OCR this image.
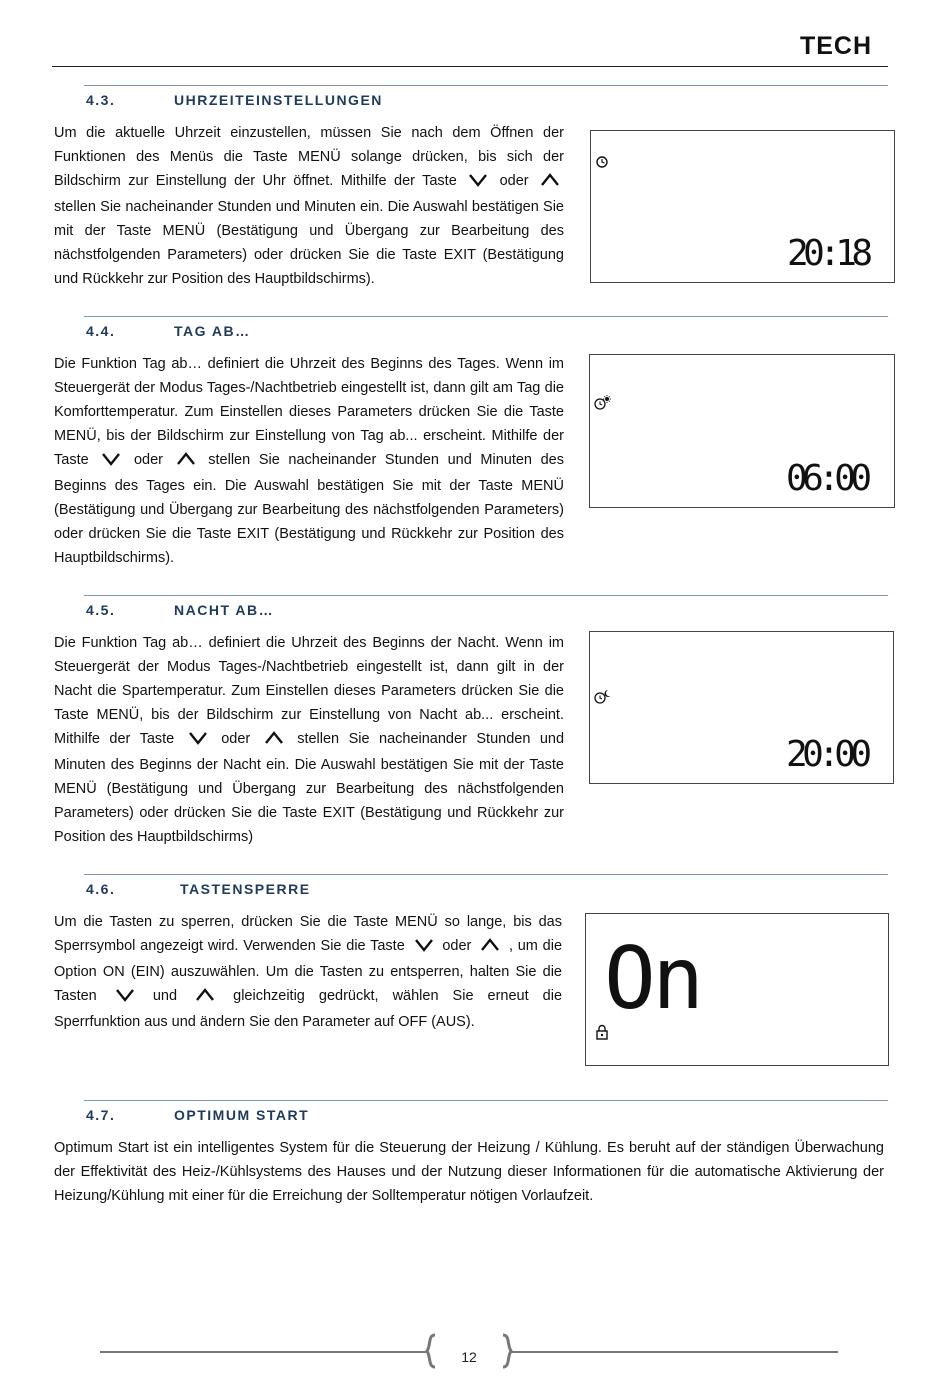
TECH
4.3.	UHRZEITEINSTELLUNGEN
Um die aktuelle Uhrzeit einzustellen, müssen Sie nach dem Öffnen der Funktionen des Menüs die Taste MENÜ solange drücken, bis sich der Bildschirm zur Einstellung der Uhr öffnet. Mithilfe der Taste	oder  stellen Sie nacheinander Stunden und Minuten ein. Die Auswahl bestätigen Sie mit der Taste MENÜ (Bestätigung und Übergang zur Bearbeitung des nächstfolgenden Parameters) oder drücken Sie die Taste EXIT (Bestätigung und Rückkehr zur Position des Hauptbildschirms).
20:18
4.4.	TAG AB…
Die Funktion Tag ab… definiert die Uhrzeit des Beginns des Tages. Wenn im Steuergerät der Modus Tages-/Nachtbetrieb eingestellt ist, dann gilt am Tag die Komforttemperatur. Zum Einstellen dieses Parameters drücken Sie die Taste MENÜ, bis der Bildschirm zur Einstellung von Tag ab... erscheint. Mithilfe der Taste	oder	stellen Sie nacheinander Stunden und Minuten des Beginns des Tages ein. Die Auswahl bestätigen Sie mit der Taste MENÜ (Bestätigung und Übergang zur Bearbeitung des nächstfolgenden Parameters) oder drücken Sie die Taste EXIT (Bestätigung und Rückkehr zur Position des Hauptbildschirms).
06:00
4.5.	NACHT AB…
Die Funktion Tag ab… definiert die Uhrzeit des Beginns der Nacht. Wenn im Steuergerät der Modus Tages-/Nachtbetrieb eingestellt ist, dann gilt in der Nacht die Spartemperatur. Zum Einstellen dieses Parameters drücken Sie die Taste MENÜ, bis der Bildschirm zur Einstellung von Nacht ab... erscheint. Mithilfe der Taste	oder	stellen Sie nacheinander Stunden und Minuten des Beginns der Nacht ein. Die Auswahl bestätigen Sie mit der Taste MENÜ (Bestätigung und Übergang zur Bearbeitung des nächstfolgenden Parameters) oder drücken Sie die Taste EXIT (Bestätigung und Rückkehr zur Position des Hauptbildschirms)
20:00
4.6.	TASTENSPERRE
Um die Tasten zu sperren, drücken Sie die Taste MENÜ so lange, bis das Sperrsymbol angezeigt wird. Verwenden Sie die Taste	oder	, um die Option ON (EIN) auszuwählen. Um die Tasten zu entsperren, halten Sie die Tasten	und	gleichzeitig gedrückt, wählen Sie erneut die Sperrfunktion aus und ändern Sie den Parameter auf OFF (AUS).	On
4.7.	OPTIMUM START
Optimum Start ist ein intelligentes System für die Steuerung der Heizung / Kühlung. Es beruht auf der ständigen Überwachung der Effektivität des Heiz-/Kühlsystems des Hauses und der Nutzung dieser Informationen für die automatische Aktivierung der Heizung/Kühlung mit einer für die Erreichung der Solltemperatur nötigen Vorlaufzeit.
12
